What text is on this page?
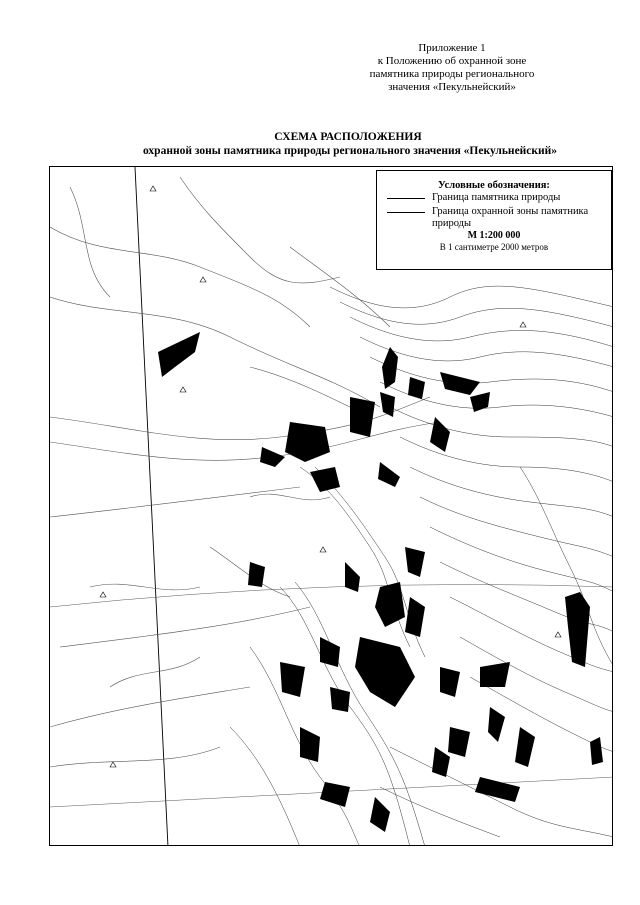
Приложение 1
к Положению об охранной зоне
памятника природы регионального
значения «Пекульнейский»
СХЕМА РАСПОЛОЖЕНИЯ
охранной зоны памятника природы регионального значения «Пекульнейский»
Условные обозначения:
Граница памятника природы
Граница охранной зоны памятника природы
М 1:200 000
В 1 сантиметре 2000 метров
